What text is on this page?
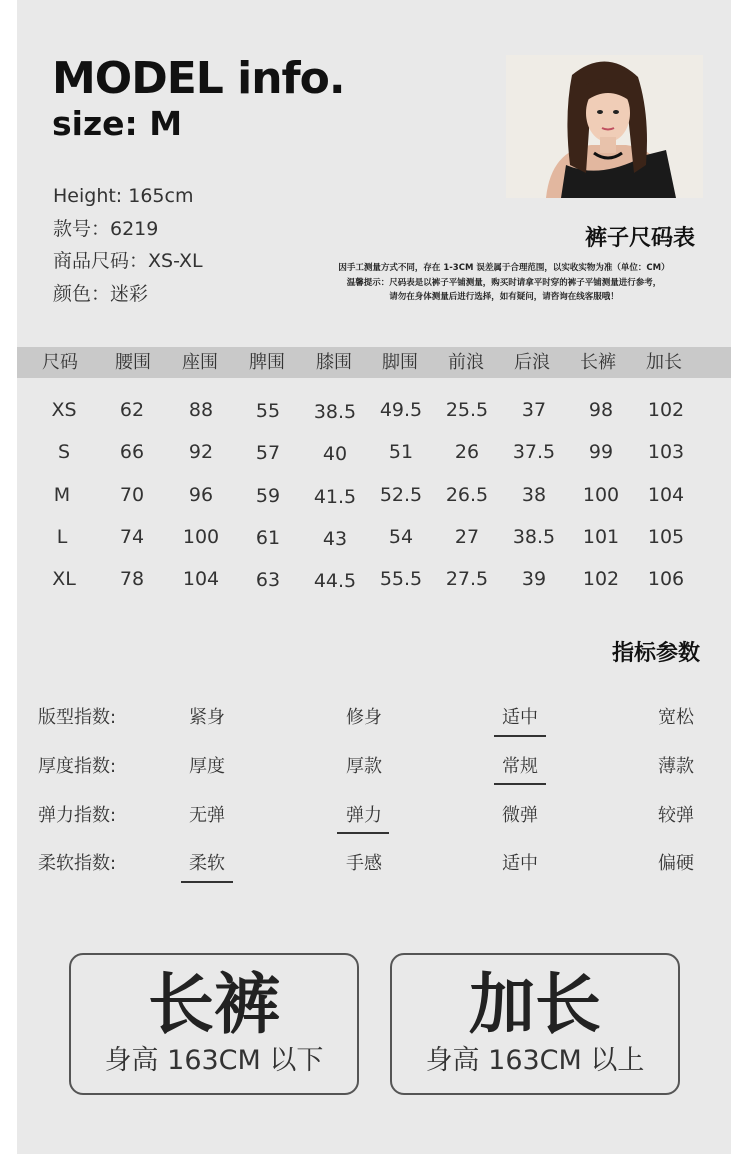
MODEL info.
size: M
Height: 165cm
款号：6219
商品尺码：XS-XL
颜色：迷彩
裤子尺码表
因手工测量方式不同，存在 1-3CM 误差属于合理范围，以实收实物为准（单位：CM）
温馨提示：尺码表是以裤子平铺测量，购买时请拿平时穿的裤子平铺测量进行参考，
请勿在身体测量后进行选择，如有疑问，请咨询在线客服哦！
尺码	腰围	座围	脾围	膝围	脚围	前浪	后浪	长裤	加长
XS	62	88	55	38.5	49.5	25.5	37	98	102
S	66	92	57	40	51	26	37.5	99	103
M	70	96	59	41.5	52.5	26.5	38	100	104
L	74	100	61	43	54	27	38.5	101	105
XL	78	104	63	44.5	55.5	27.5	39	102	106
指标参数
版型指数:	紧身	修身	适中	宽松
厚度指数:	厚度	厚款	常规	薄款
弹力指数:	无弹	弹力	微弹	较弹
柔软指数:	柔软	手感	适中	偏硬
长裤
身高 163CM 以下
加长
身高 163CM 以上
